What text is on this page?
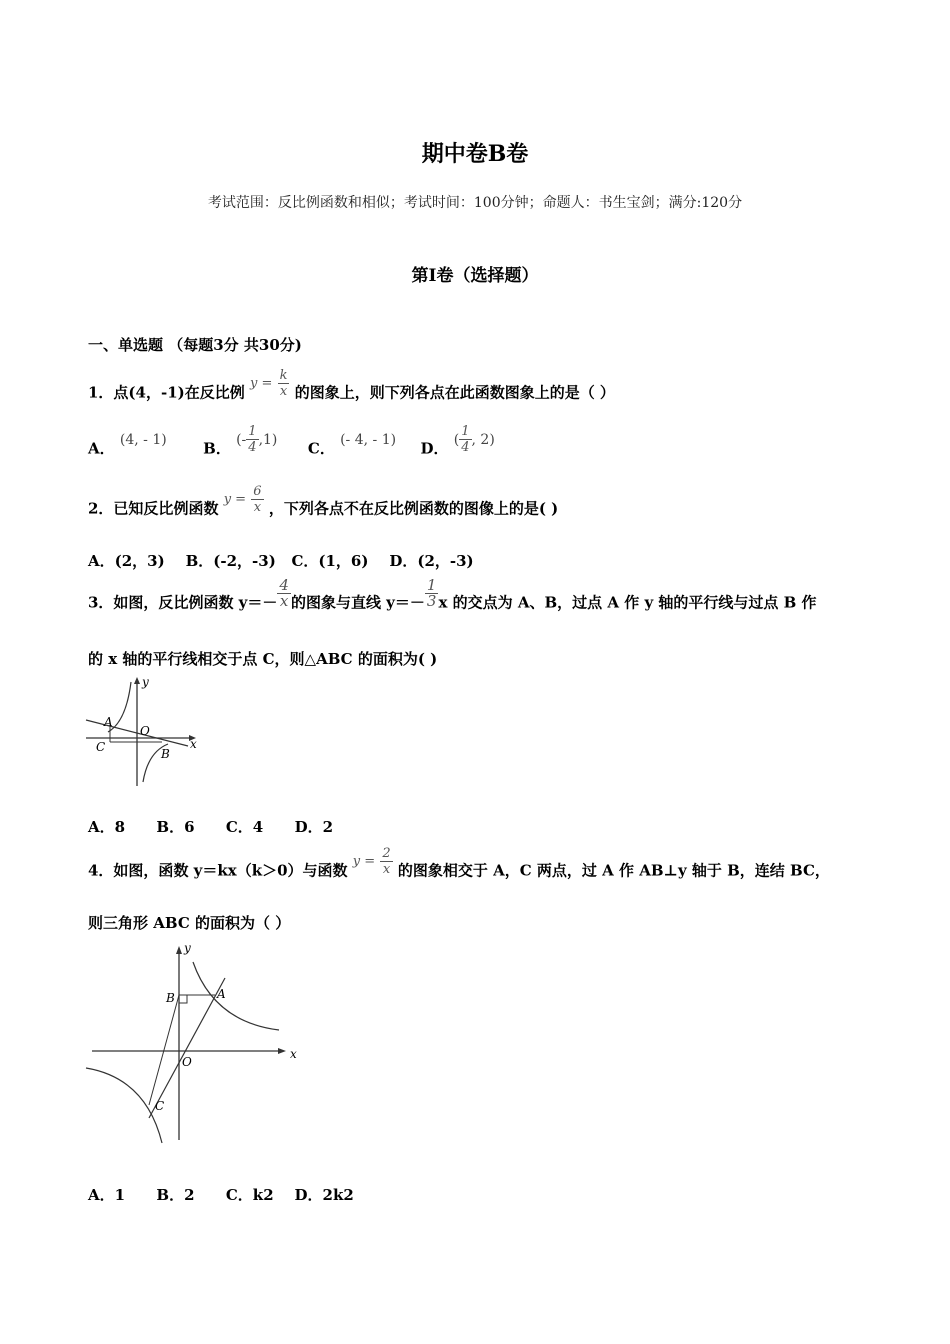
期中卷B卷
考试范围：反比例函数和相似；考试时间：100分钟；命题人：书生宝剑；满分:120分
第I卷（选择题）
一、单选题 （每题3分 共30分)
1．点(4，-1)在反比例 $y = \frac{k}{x}$ 的图象上，则下列各点在此函数图象上的是（ ）
A． (4, - 1) B． (- $\frac{1}{4} ,1$) C． (- 4, - 1) D． ( $\frac{1}{4}$ , 2)
2．已知反比例函数 $y = \frac{6}{x}$ ，下列各点不在反比例函数的图像上的是( )
A．(2，3)    B．(-2，-3)   C．(1，6)    D．(2，-3)
3．如图，反比例函数 $y=- \frac{4}{x}$ 的图象与直线 $y=- \frac{1}{3}$ x 的交点为 A、B，过点 A 作 y 轴的平行线与过点 B 作
的 x 轴的平行线相交于点 C，则△ABC 的面积为( )
y
x
A
O
C	B
A．8      B．6      C．4      D．2
4．如图，函数 y＝kx（k＞0）与函数 $y = \frac{2}{x}$ 的图象相交于 A，C 两点，过 A 作 AB⊥y 轴于 B，连结 BC，
则三角形 ABC 的面积为（ ）
y
x
A
B
O
C
A．1      B．2      C．k2    D．2k2
